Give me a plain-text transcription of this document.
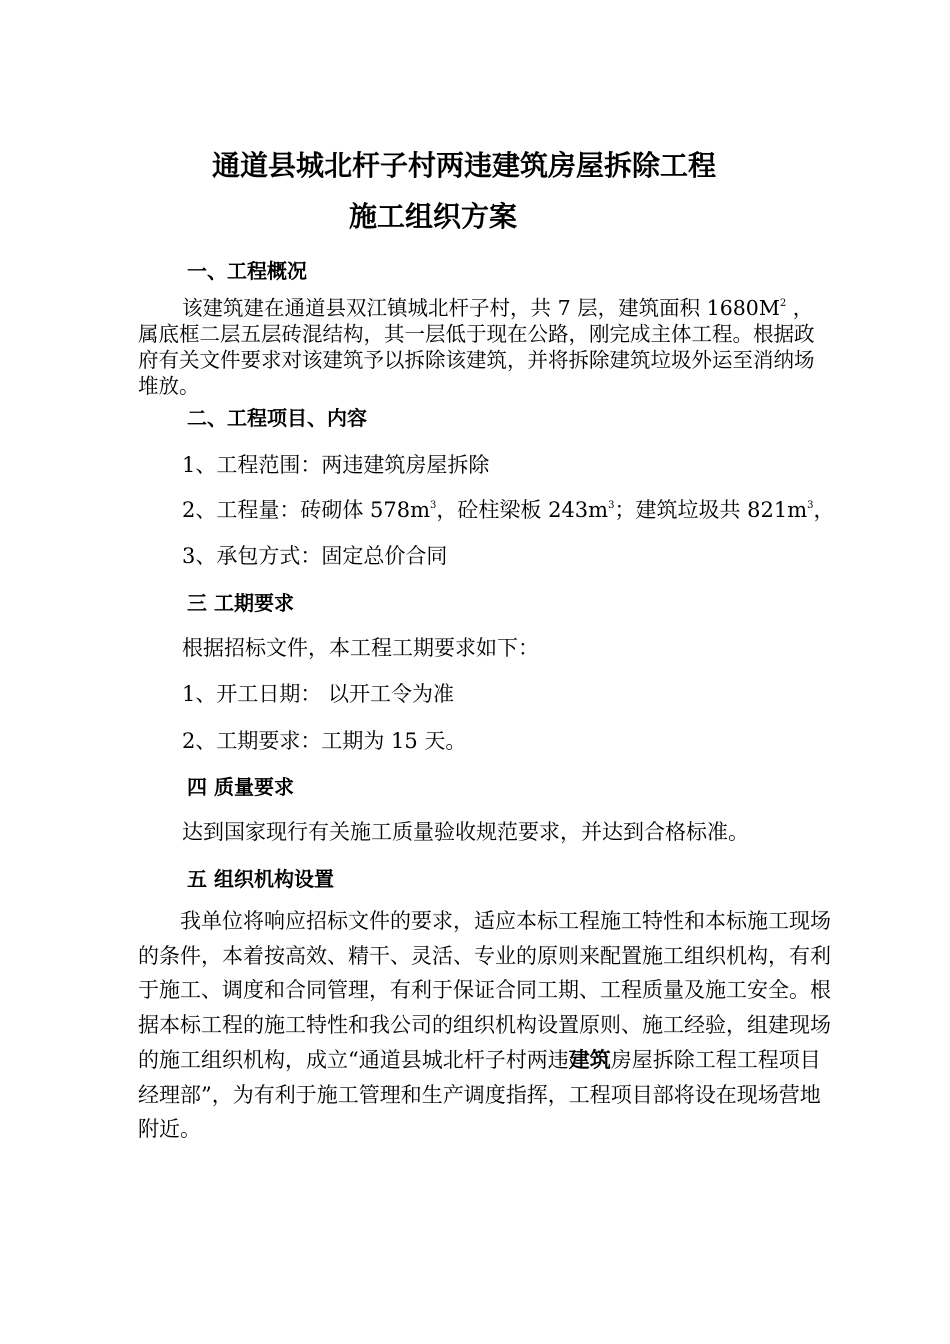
通道县城北杆子村两违建筑房屋拆除工程
施工组织方案
一、工程概况
该建筑建在通道县双江镇城北杆子村，共 7 层，建筑面积 $1680M^2$ ，属底框二层五层砖混结构，其一层低于现在公路，刚完成主体工程。根据政府有关文件要求对该建筑予以拆除该建筑，并将拆除建筑垃圾外运至消纳场堆放。
二、工程项目、内容
1、工程范围：两违建筑房屋拆除
2、工程量：砖砌体 $578m^3$，砼柱梁板 $243m^3$；建筑垃圾共 $821m^3$，
3、承包方式：固定总价合同
三 工期要求
根据招标文件，本工程工期要求如下：
1、开工日期： 以开工令为准
2、工期要求：工期为 15 天。
四 质量要求
达到国家现行有关施工质量验收规范要求，并达到合格标准。
五 组织机构设置
我单位将响应招标文件的要求，适应本标工程施工特性和本标施工现场的条件，本着按高效、精干、灵活、专业的原则来配置施工组织机构，有利于施工、调度和合同管理，有利于保证合同工期、工程质量及施工安全。根据本标工程的施工特性和我公司的组织机构设置原则、施工经验，组建现场的施工组织机构，成立“通道县城北杆子村两违建筑房屋拆除工程工程项目经理部”，为有利于施工管理和生产调度指挥，工程项目部将设在现场营地附近。
